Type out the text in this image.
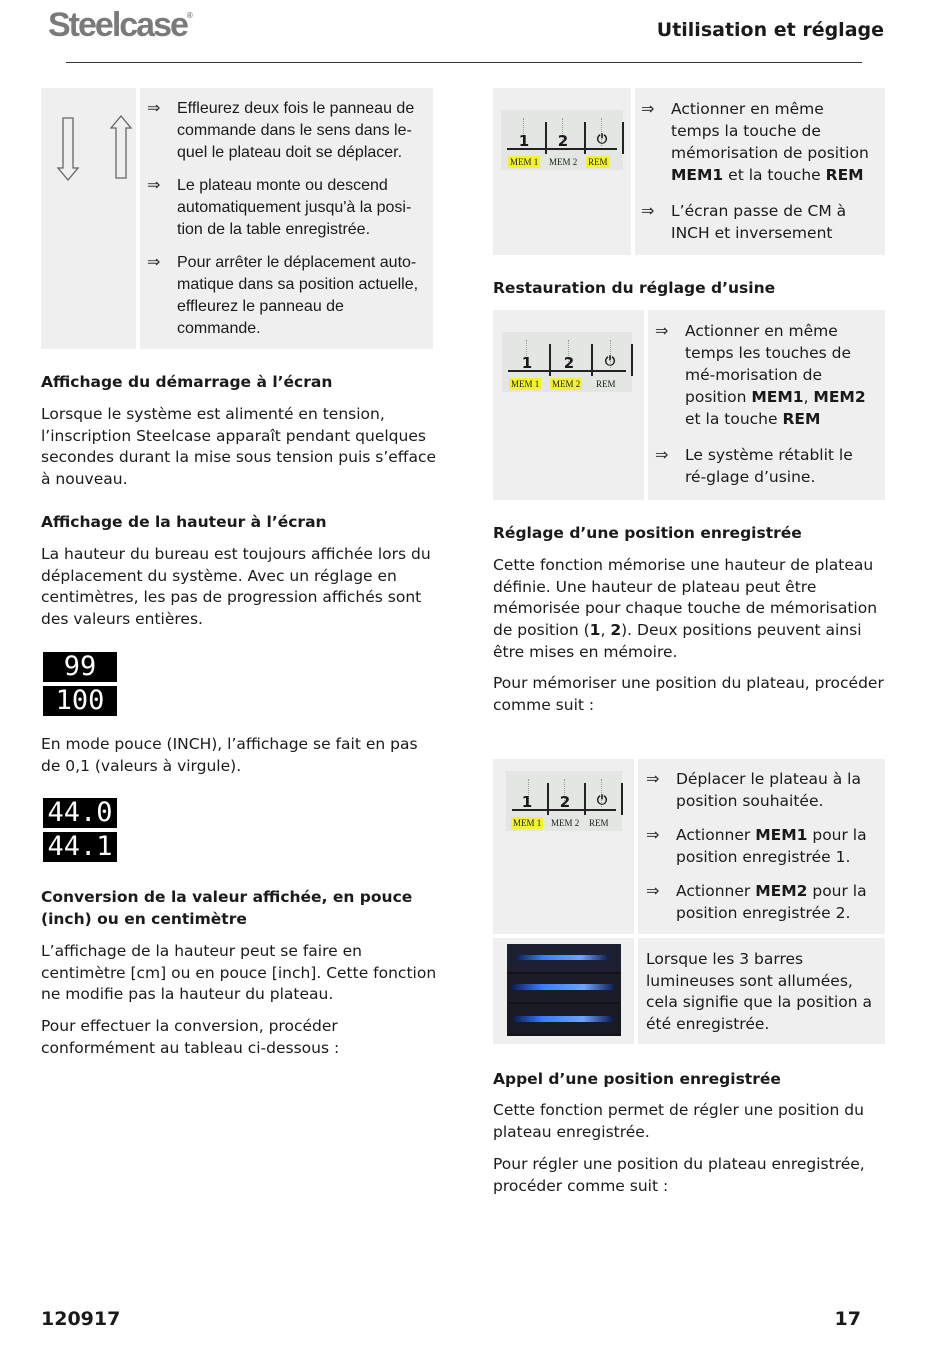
Steelcase®
Utilisation et réglage
⇒ Effleurez deux fois le panneau de commande dans le sens dans le-quel le plateau doit se déplacer.
⇒ Le plateau monte ou descend automatiquement jusqu'à la posi-tion de la table enregistrée.
⇒ Pour arrêter le déplacement auto-matique dans sa position actuelle, effleurez le panneau de commande.
Affichage du démarrage à l’écran

Lorsque le système est alimenté en tension, l’inscription Steelcase apparaît pendant quelques secondes durant la mise sous tension puis s’efface à nouveau.

Affichage de la hauteur à l’écran

La hauteur du bureau est toujours affichée lors du déplacement du système. Avec un réglage en centimètres, les pas de progression affichés sont des valeurs entières.

99
100

En mode pouce (INCH), l’affichage se fait en pas de 0,1 (valeurs à virgule).

44.0
44.1
Conversion de la valeur affichée, en pouce (inch) ou en centimètre

L’affichage de la hauteur peut se faire en centimètre [cm] ou en pouce [inch]. Cette fonction ne modifie pas la hauteur du plateau.

Pour effectuer la conversion, procéder conformément au tableau ci-dessous :

1	2	⏻
MEM 1 MEM 2 REM
⇒ Actionner en même temps la touche de mémorisation de position MEM1 et la touche REM
⇒ L’écran passe de CM à INCH et inversement
Restauration du réglage d’usine
1	2	⏻
MEM 1 MEM 2 REM
⇒ Actionner en même temps les touches de mé-morisation de position MEM1, MEM2 et la touche REM
⇒ Le système rétablit le ré-glage d’usine.
Réglage d’une position enregistrée

Cette fonction mémorise une hauteur de plateau définie. Une hauteur de plateau peut être mémorisée pour chaque touche de mémorisation de position (1, 2). Deux positions peuvent ainsi être mises en mémoire.

Pour mémoriser une position du plateau, procéder comme suit :

1	2	⏻
MEM 1 MEM 2 REM
⇒ Déplacer le plateau à la position souhaitée.
⇒ Actionner MEM1 pour la position enregistrée 1.
⇒ Actionner MEM2 pour la position enregistrée 2.

Lorsque les 3 barres lumineuses sont allumées, cela signifie que la position a été enregistrée.

Appel d’une position enregistrée

Cette fonction permet de régler une position du plateau enregistrée.

Pour régler une position du plateau enregistrée, procéder comme suit :

120917	17
